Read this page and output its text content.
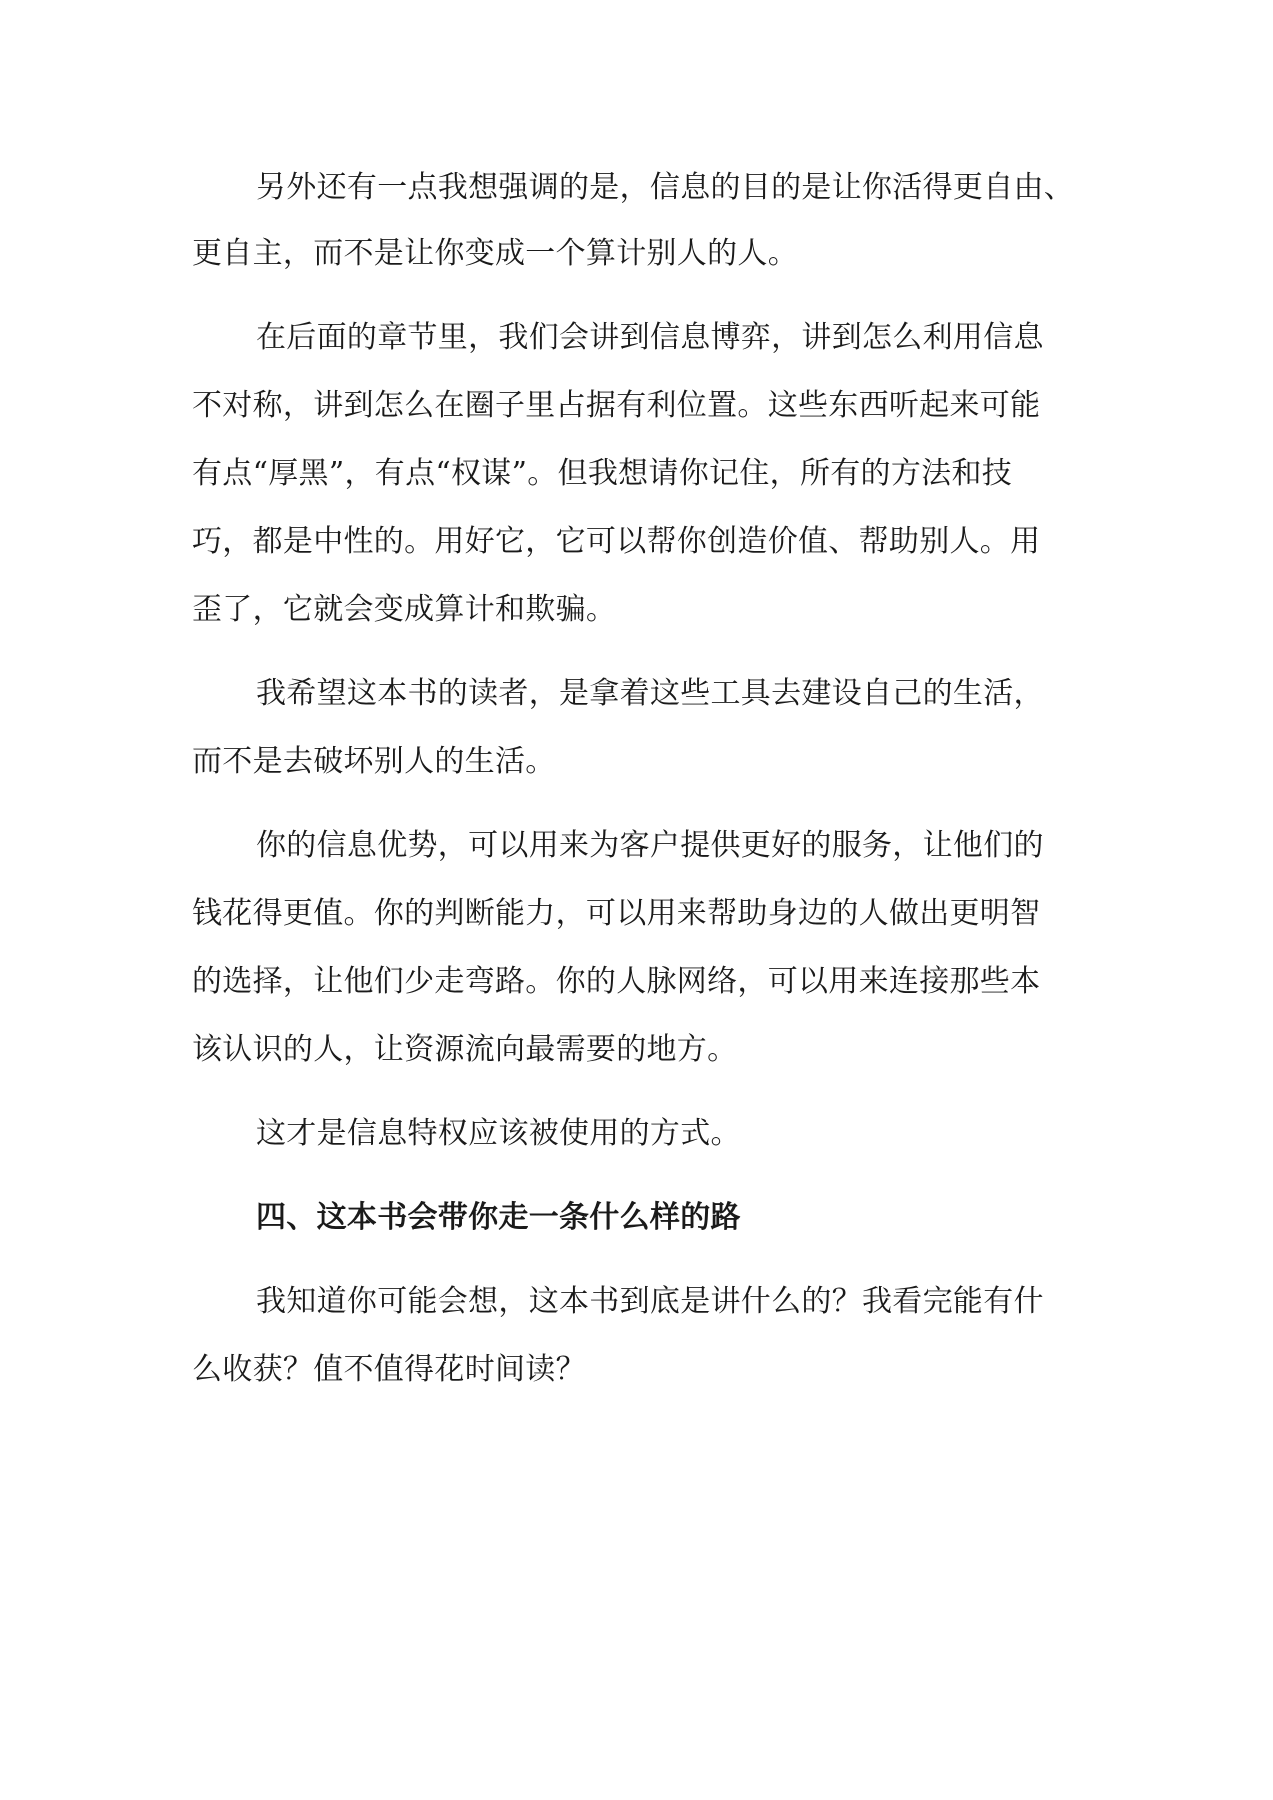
另外还有一点我想强调的是，信息的目的是让你活得更自由、
更自主，而不是让你变成一个算计别人的人。
在后面的章节里，我们会讲到信息博弈，讲到怎么利用信息
不对称，讲到怎么在圈子里占据有利位置。这些东西听起来可能
有点“厚黑”，有点“权谋”。但我想请你记住，所有的方法和技
巧，都是中性的。用好它，它可以帮你创造价值、帮助别人。用
歪了，它就会变成算计和欺骗。
我希望这本书的读者，是拿着这些工具去建设自己的生活，
而不是去破坏别人的生活。
你的信息优势，可以用来为客户提供更好的服务，让他们的
钱花得更值。你的判断能力，可以用来帮助身边的人做出更明智
的选择，让他们少走弯路。你的人脉网络，可以用来连接那些本
该认识的人，让资源流向最需要的地方。
这才是信息特权应该被使用的方式。
四、这本书会带你走一条什么样的路
我知道你可能会想，这本书到底是讲什么的？我看完能有什
么收获？值不值得花时间读？
